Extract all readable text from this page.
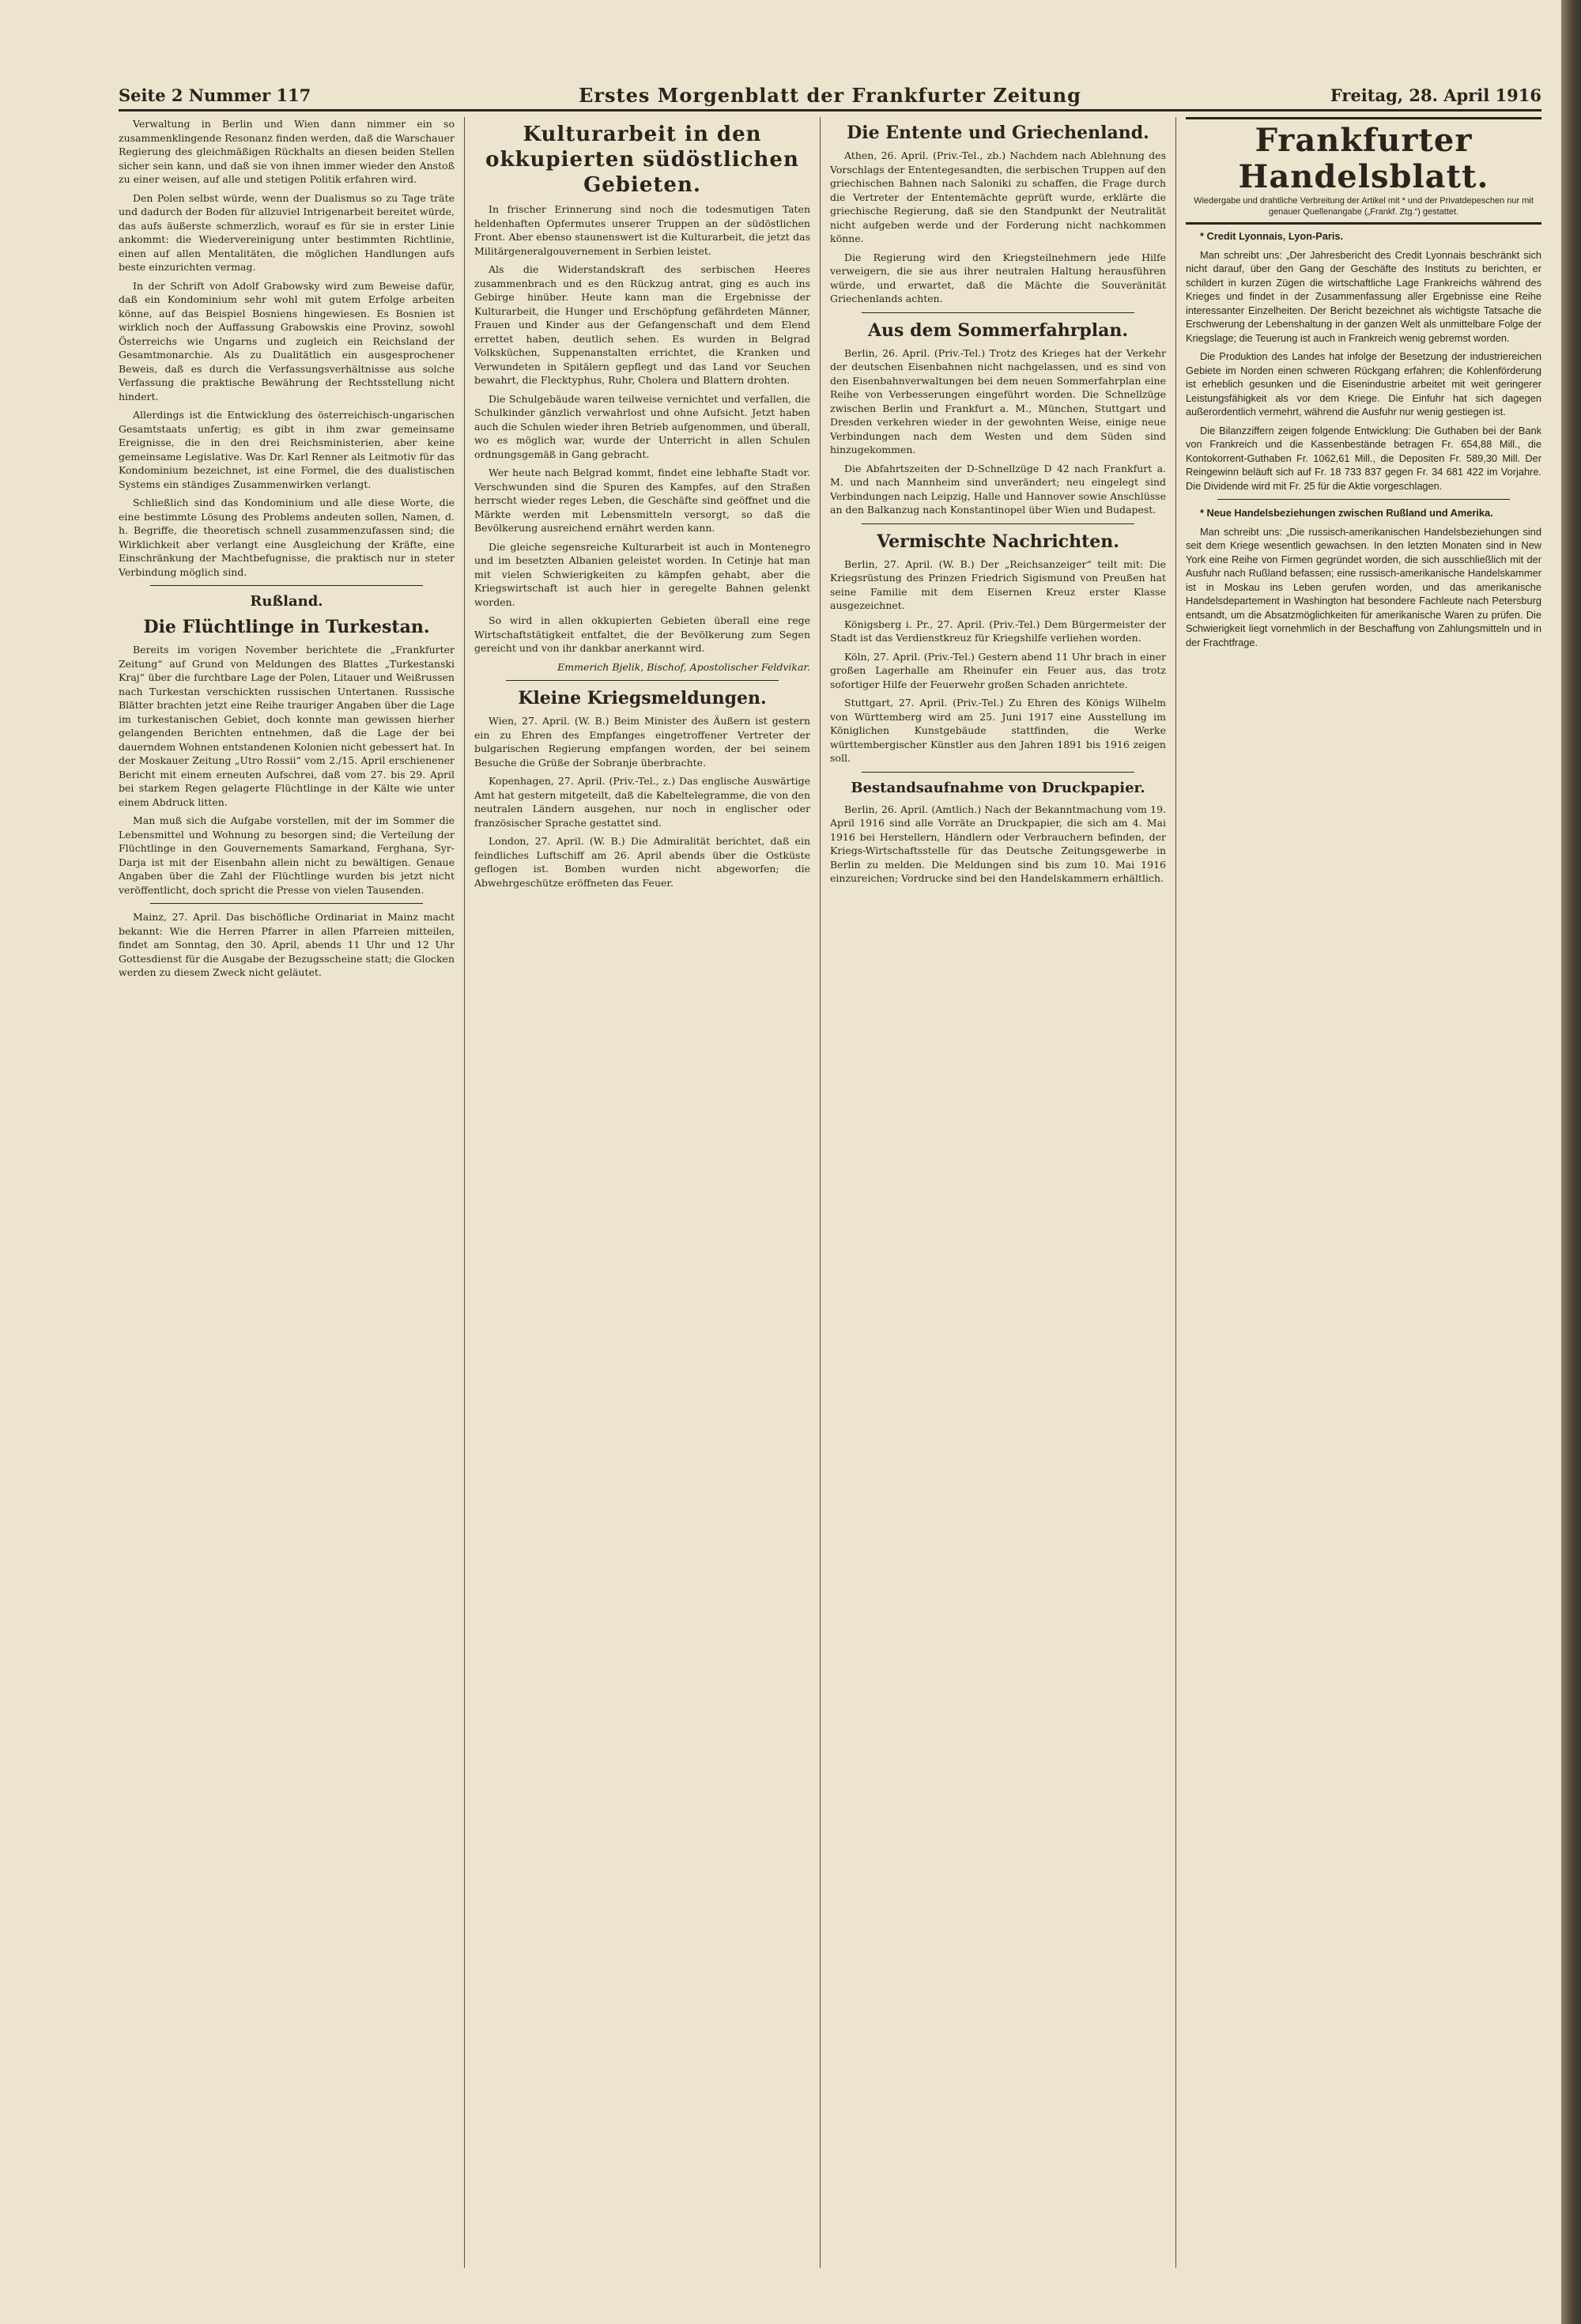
Seite 2 Nummer 117	Erstes Morgenblatt der Frankfurter Zeitung	Freitag, 28. April 1916

Verwaltung in Berlin und Wien dann nimmer ein so zusammenklingende Resonanz finden werden, daß die Warschauer Regierung des gleichmäßigen Rückhalts an diesen beiden Stellen sicher sein kann, und daß sie von ihnen immer wieder den Anstoß zu einer weisen, auf alle und stetigen Politik erfahren wird.

Den Polen selbst würde, wenn der Dualismus so zu Tage träte und dadurch der Boden für allzuviel Intrigenarbeit bereitet würde, das aufs äußerste schmerzlich, worauf es für sie in erster Linie ankommt: die Wiedervereinigung unter bestimmten Richtlinie, einen auf allen Mentalitäten, die möglichen Handlungen aufs beste einzurichten vermag.

In der Schrift von Adolf Grabowsky wird zum Beweise dafür, daß ein Kondominium sehr wohl mit gutem Erfolge arbeiten könne, auf das Beispiel Bosniens hingewiesen. Es Bosnien ist wirklich noch der Auffassung Grabowskis eine Provinz, sowohl Österreichs wie Ungarns und zugleich ein Reichsland der Gesamtmonarchie. Als zu Dualitätlich ein ausgesprochener Beweis, daß es durch die Verfassungsverhältnisse aus solche Verfassung die praktische Bewährung der Rechtsstellung nicht hindert.

Allerdings ist die Entwicklung des österreichisch-ungarischen Gesamtstaats unfertig; es gibt in ihm zwar gemeinsame Ereignisse, die in den drei Reichsministerien, aber keine gemeinsame Legislative. Was Dr. Karl Renner als Leitmotiv für das Kondominium bezeichnet, ist eine Formel, die des dualistischen Systems ein ständiges Zusammenwirken verlangt.

Schließlich sind das Kondominium und alle diese Worte, die eine bestimmte Lösung des Problems andeuten sollen, Namen, d. h. Begriffe, die theoretisch schnell zusammenzufassen sind; die Wirklichkeit aber verlangt eine Ausgleichung der Kräfte, eine Einschränkung der Machtbefugnisse, die praktisch nur in steter Verbindung möglich sind.

Rußland.
Die Flüchtlinge in Turkestan.

Bereits im vorigen November berichtete die „Frankfurter Zeitung“ auf Grund von Meldungen des Blattes „Turkestanski Kraj“ über die furchtbare Lage der Polen, Litauer und Weißrussen nach Turkestan verschickten russischen Untertanen. Russische Blätter brachten jetzt eine Reihe trauriger Angaben über die Lage im turkestanischen Gebiet, doch konnte man gewissen hierher gelangenden Berichten entnehmen, daß die Lage der bei dauerndem Wohnen entstandenen Kolonien nicht gebessert hat. In der Moskauer Zeitung „Utro Rossii“ vom 2./15. April erschienener Bericht mit einem erneuten Aufschrei, daß vom 27. bis 29. April bei starkem Regen gelagerte Flüchtlinge in der Kälte wie unter einem Abdruck litten.

Man muß sich die Aufgabe vorstellen, mit der im Sommer die Lebensmittel und Wohnung zu besorgen sind; die Verteilung der Flüchtlinge in den Gouvernements Samarkand, Ferghana, Syr-Darja ist mit der Eisenbahn allein nicht zu bewältigen. Genaue Angaben über die Zahl der Flüchtlinge wurden bis jetzt nicht veröffentlicht, doch spricht die Presse von vielen Tausenden.

Mainz, 27. April. Das bischöfliche Ordinariat in Mainz macht bekannt: Wie die Herren Pfarrer in allen Pfarreien mitteilen, findet am Sonntag, den 30. April, abends 11 Uhr und 12 Uhr Gottesdienst für die Ausgabe der Bezugsscheine statt; die Glocken werden zu diesem Zweck nicht geläutet.

Kulturarbeit in den okkupierten südöstlichen Gebieten.

In frischer Erinnerung sind noch die todesmutigen Taten heldenhaften Opfermutes unserer Truppen an der südöstlichen Front. Aber ebenso staunenswert ist die Kulturarbeit, die jetzt das Militärgeneralgouvernement in Serbien leistet.

Als die Widerstandskraft des serbischen Heeres zusammenbrach und es den Rückzug antrat, ging es auch ins Gebirge hinüber. Heute kann man die Ergebnisse der Kulturarbeit, die Hunger und Erschöpfung gefährdeten Männer, Frauen und Kinder aus der Gefangenschaft und dem Elend errettet haben, deutlich sehen. Es wurden in Belgrad Volksküchen, Suppenanstalten errichtet, die Kranken und Verwundeten in Spitälern gepflegt und das Land vor Seuchen bewahrt, die Flecktyphus, Ruhr, Cholera und Blattern drohten.

Die Schulgebäude waren teilweise vernichtet und verfallen, die Schulkinder gänzlich verwahrlost und ohne Aufsicht. Jetzt haben auch die Schulen wieder ihren Betrieb aufgenommen, und überall, wo es möglich war, wurde der Unterricht in allen Schulen ordnungsgemäß in Gang gebracht.

Wer heute nach Belgrad kommt, findet eine lebhafte Stadt vor. Verschwunden sind die Spuren des Kampfes, auf den Straßen herrscht wieder reges Leben, die Geschäfte sind geöffnet und die Märkte werden mit Lebensmitteln versorgt, so daß die Bevölkerung ausreichend ernährt werden kann.

Die gleiche segensreiche Kulturarbeit ist auch in Montenegro und im besetzten Albanien geleistet worden. In Cetinje hat man mit vielen Schwierigkeiten zu kämpfen gehabt, aber die Kriegswirtschaft ist auch hier in geregelte Bahnen gelenkt worden.

So wird in allen okkupierten Gebieten überall eine rege Wirtschaftstätigkeit entfaltet, die der Bevölkerung zum Segen gereicht und von ihr dankbar anerkannt wird.

Emmerich Bjelik, Bischof, Apostolischer Feldvikar.
Kleine Kriegsmeldungen.

Wien, 27. April. (W. B.) Beim Minister des Äußern ist gestern ein zu Ehren des Empfanges eingetroffener Vertreter der bulgarischen Regierung empfangen worden, der bei seinem Besuche die Grüße der Sobranje überbrachte.

Kopenhagen, 27. April. (Priv.-Tel., z.) Das englische Auswärtige Amt hat gestern mitgeteilt, daß die Kabeltelegramme, die von den neutralen Ländern ausgehen, nur noch in englischer oder französischer Sprache gestattet sind.

London, 27. April. (W. B.) Die Admiralität berichtet, daß ein feindliches Luftschiff am 26. April abends über die Ostküste geflogen ist. Bomben wurden nicht abgeworfen; die Abwehrgeschütze eröffneten das Feuer.

Die Entente und Griechenland.

Athen, 26. April. (Priv.-Tel., zb.) Nachdem nach Ablehnung des Vorschlags der Ententegesandten, die serbischen Truppen auf den griechischen Bahnen nach Saloniki zu schaffen, die Frage durch die Vertreter der Ententemächte geprüft wurde, erklärte die griechische Regierung, daß sie den Standpunkt der Neutralität nicht aufgeben werde und der Forderung nicht nachkommen könne.

Die Regierung wird den Kriegsteilnehmern jede Hilfe verweigern, die sie aus ihrer neutralen Haltung herausführen würde, und erwartet, daß die Mächte die Souveränität Griechenlands achten.

Aus dem Sommerfahrplan.

Berlin, 26. April. (Priv.-Tel.) Trotz des Krieges hat der Verkehr der deutschen Eisenbahnen nicht nachgelassen, und es sind von den Eisenbahnverwaltungen bei dem neuen Sommerfahrplan eine Reihe von Verbesserungen eingeführt worden. Die Schnellzüge zwischen Berlin und Frankfurt a. M., München, Stuttgart und Dresden verkehren wieder in der gewohnten Weise, einige neue Verbindungen nach dem Westen und dem Süden sind hinzugekommen.

Die Abfahrtszeiten der D-Schnellzüge D 42 nach Frankfurt a. M. und nach Mannheim sind unverändert; neu eingelegt sind Verbindungen nach Leipzig, Halle und Hannover sowie Anschlüsse an den Balkanzug nach Konstantinopel über Wien und Budapest.

Vermischte Nachrichten.

Berlin, 27. April. (W. B.) Der „Reichsanzeiger“ teilt mit: Die Kriegsrüstung des Prinzen Friedrich Sigismund von Preußen hat seine Familie mit dem Eisernen Kreuz erster Klasse ausgezeichnet.

Königsberg i. Pr., 27. April. (Priv.-Tel.) Dem Bürgermeister der Stadt ist das Verdienstkreuz für Kriegshilfe verliehen worden.

Köln, 27. April. (Priv.-Tel.) Gestern abend 11 Uhr brach in einer großen Lagerhalle am Rheinufer ein Feuer aus, das trotz sofortiger Hilfe der Feuerwehr großen Schaden anrichtete.

Stuttgart, 27. April. (Priv.-Tel.) Zu Ehren des Königs Wilhelm von Württemberg wird am 25. Juni 1917 eine Ausstellung im Königlichen Kunstgebäude stattfinden, die Werke württembergischer Künstler aus den Jahren 1891 bis 1916 zeigen soll.

Bestandsaufnahme von Druckpapier.

Berlin, 26. April. (Amtlich.) Nach der Bekanntmachung vom 19. April 1916 sind alle Vorräte an Druckpapier, die sich am 4. Mai 1916 bei Herstellern, Händlern oder Verbrauchern befinden, der Kriegs-Wirtschaftsstelle für das Deutsche Zeitungsgewerbe in Berlin zu melden. Die Meldungen sind bis zum 10. Mai 1916 einzureichen; Vordrucke sind bei den Handelskammern erhältlich.

Frankfurter Handelsblatt.
Wiedergabe und drahtliche Verbreitung der Artikel mit * und der Privatdepeschen nur mit genauer Quellenangabe („Frankf. Ztg.“) gestattet.

* Credit Lyonnais, Lyon-Paris.

Man schreibt uns: „Der Jahresbericht des Credit Lyonnais beschränkt sich nicht darauf, über den Gang der Geschäfte des Instituts zu berichten, er schildert in kurzen Zügen die wirtschaftliche Lage Frankreichs während des Krieges und findet in der Zusammenfassung aller Ergebnisse eine Reihe interessanter Einzelheiten. Der Bericht bezeichnet als wichtigste Tatsache die Erschwerung der Lebenshaltung in der ganzen Welt als unmittelbare Folge der Kriegslage; die Teuerung ist auch in Frankreich wenig gebremst worden.

Die Produktion des Landes hat infolge der Besetzung der industriereichen Gebiete im Norden einen schweren Rückgang erfahren; die Kohlenförderung ist erheblich gesunken und die Eisenindustrie arbeitet mit weit geringerer Leistungsfähigkeit als vor dem Kriege. Die Einfuhr hat sich dagegen außerordentlich vermehrt, während die Ausfuhr nur wenig gestiegen ist.

Die Bilanzziffern zeigen folgende Entwicklung: Die Guthaben bei der Bank von Frankreich und die Kassenbestände betragen Fr. 654,88 Mill., die Kontokorrent-Guthaben Fr. 1062,61 Mill., die Depositen Fr. 589,30 Mill. Der Reingewinn beläuft sich auf Fr. 18 733 837 gegen Fr. 34 681 422 im Vorjahre. Die Dividende wird mit Fr. 25 für die Aktie vorgeschlagen.

* Neue Handelsbeziehungen zwischen Rußland und Amerika.

Man schreibt uns: „Die russisch-amerikanischen Handelsbeziehungen sind seit dem Kriege wesentlich gewachsen. In den letzten Monaten sind in New York eine Reihe von Firmen gegründet worden, die sich ausschließlich mit der Ausfuhr nach Rußland befassen; eine russisch-amerikanische Handelskammer ist in Moskau ins Leben gerufen worden, und das amerikanische Handelsdepartement in Washington hat besondere Fachleute nach Petersburg entsandt, um die Absatzmöglichkeiten für amerikanische Waren zu prüfen. Die Schwierigkeit liegt vornehmlich in der Beschaffung von Zahlungsmitteln und in der Frachtfrage.
